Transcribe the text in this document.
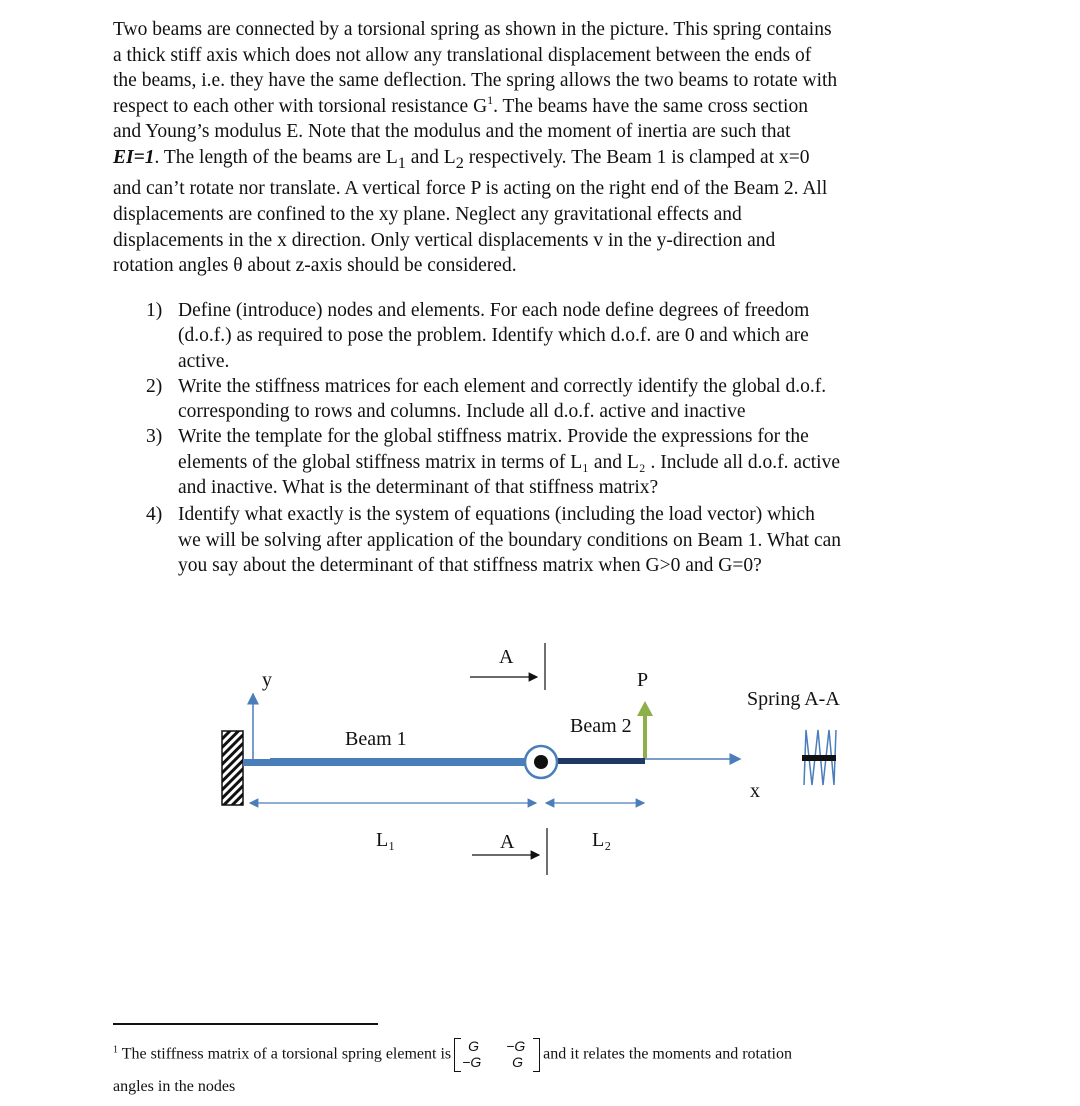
Two beams are connected by a torsional spring as shown in the picture. This spring contains
a thick stiff axis which does not allow any translational displacement between the ends of
the beams, i.e. they have the same deflection. The spring allows the two beams to rotate with
respect to each other with torsional resistance $G^1$. The beams have the same cross section
and Young’s modulus E. Note that the modulus and the moment of inertia are such that
EI=1. The length of the beams are $L_1$ and $L_2$ respectively. The Beam 1 is clamped at x=0
and can’t rotate nor translate. A vertical force P is acting on the right end of the Beam 2. All
displacements are confined to the xy plane. Neglect any gravitational effects and
displacements in the x direction. Only vertical displacements v in the y-direction and
rotation angles θ about z-axis should be considered.
1) Define (introduce) nodes and elements. For each node define degrees of freedom
(d.o.f.) as required to pose the problem. Identify which d.o.f. are 0 and which are
active.
2) Write the stiffness matrices for each element and correctly identify the global d.o.f.
corresponding to rows and columns. Include all d.o.f. active and inactive
3) Write the template for the global stiffness matrix. Provide the expressions for the
elements of the global stiffness matrix in terms of L₁ and L₂ . Include all d.o.f. active
and inactive. What is the determinant of that stiffness matrix?
4) Identify what exactly is the system of equations (including the load vector) which
we will be solving after application of the boundary conditions on Beam 1. What can
you say about the determinant of that stiffness matrix when G>0 and G=0?
y
A
P
Spring A-A
Beam 2
Beam 1
x
L₁	A	L₂
$^1$ The stiffness matrix of a torsional spring element is G −G
−G G and it relates the moments and rotation
angles in the nodes
